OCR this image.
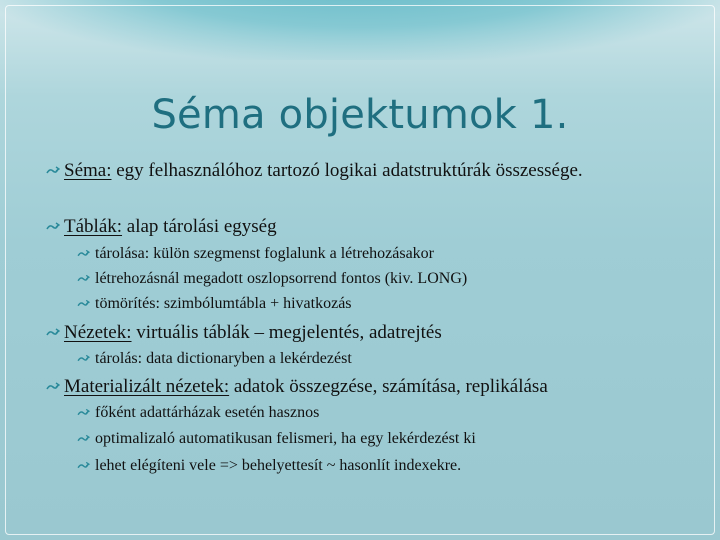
Séma objektumok 1.
Séma: egy felhasználóhoz tartozó logikai adatstruktúrák összessége.
Táblák: alap tárolási egység
tárolása: külön szegmenst foglalunk a létrehozásakor
létrehozásnál megadott oszlopsorrend fontos (kiv. LONG)
tömörítés: szimbólumtábla + hivatkozás
Nézetek: virtuális táblák – megjelentés, adatrejtés
tárolás: data dictionaryben a lekérdezést
Materializált nézetek: adatok összegzése, számítása, replikálása
főként adattárházak esetén hasznos
optimalizaló automatikusan felismeri, ha egy lekérdezést ki
lehet elégíteni vele => behelyettesít ~ hasonlít indexekre.
